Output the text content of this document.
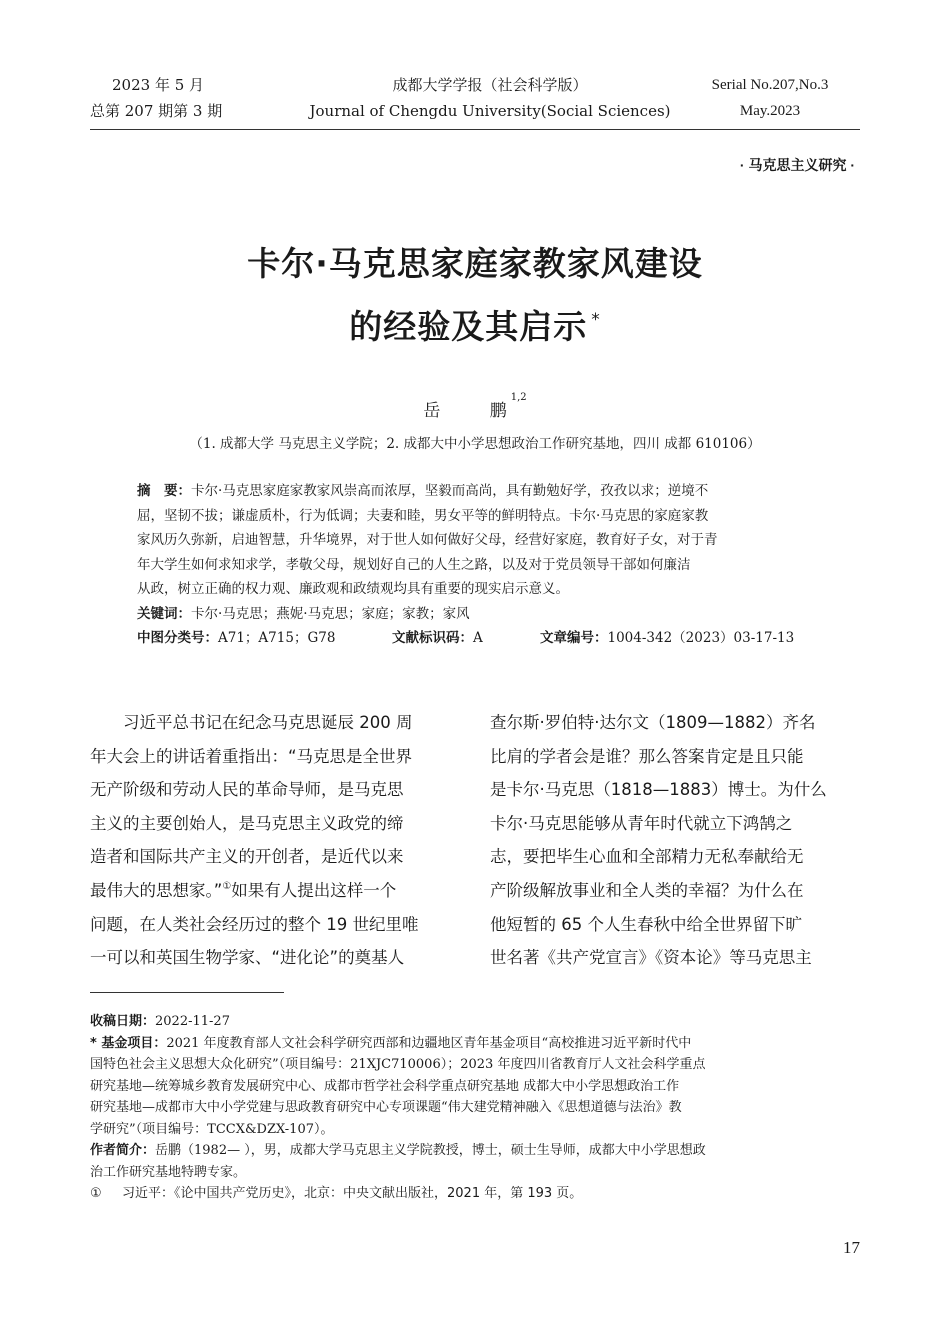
2023 年 5 月
总第 207 期第 3 期
成都大学学报（社会科学版）
Journal of Chengdu University(Social Sciences)
Serial No.207,No.3
May.2023
· 马克思主义研究 ·
卡尔·马克思家庭家教家风建设
的经验及其启示 *
岳 鹏$^{1,2}$
（1. 成都大学 马克思主义学院；2. 成都大中小学思想政治工作研究基地，四川 成都 610106）
摘　要：卡尔·马克思家庭家教家风崇高而浓厚，坚毅而高尚，具有勤勉好学，孜孜以求；逆境不
屈，坚韧不拔；谦虚质朴，行为低调；夫妻和睦，男女平等的鲜明特点。卡尔·马克思的家庭家教
家风历久弥新，启迪智慧，升华境界，对于世人如何做好父母，经营好家庭，教育好子女，对于青
年大学生如何求知求学，孝敬父母，规划好自己的人生之路，以及对于党员领导干部如何廉洁
从政，树立正确的权力观、廉政观和政绩观均具有重要的现实启示意义。
关键词：卡尔·马克思；燕妮·马克思；家庭；家教；家风
中图分类号：A71；A715；G78	文献标识码：A	文章编号：1004-342（2023）03-17-13
　　习近平总书记在纪念马克思诞辰 200 周
年大会上的讲话着重指出：“马克思是全世界
无产阶级和劳动人民的革命导师，是马克思
主义的主要创始人，是马克思主义政党的缔
造者和国际共产主义的开创者，是近代以来
最伟大的思想家。”①如果有人提出这样一个
问题，在人类社会经历过的整个 19 世纪里唯
一可以和英国生物学家、“进化论”的奠基人
查尔斯·罗伯特·达尔文（1809—1882）齐名
比肩的学者会是谁？那么答案肯定是且只能
是卡尔·马克思（1818—1883）博士。为什么
卡尔·马克思能够从青年时代就立下鸿鹄之
志，要把毕生心血和全部精力无私奉献给无
产阶级解放事业和全人类的幸福？为什么在
他短暂的 65 个人生春秋中给全世界留下旷
世名著《共产党宣言》《资本论》等马克思主
收稿日期：2022-11-27
* 基金项目：2021 年度教育部人文社会科学研究西部和边疆地区青年基金项目“高校推进习近平新时代中
国特色社会主义思想大众化研究”（项目编号：21XJC710006）；2023 年度四川省教育厅人文社会科学重点
研究基地—统筹城乡教育发展研究中心、成都市哲学社会科学重点研究基地 成都大中小学思想政治工作
研究基地—成都市大中小学党建与思政教育研究中心专项课题“伟大建党精神融入《思想道德与法治》教
学研究”（项目编号：TCCX&DZX-107）。
作者简介：岳鹏（1982— ），男，成都大学马克思主义学院教授，博士，硕士生导师，成都大中小学思想政
治工作研究基地特聘专家。
① 习近平：《论中国共产党历史》，北京：中央文献出版社，2021 年，第 193 页。
17
